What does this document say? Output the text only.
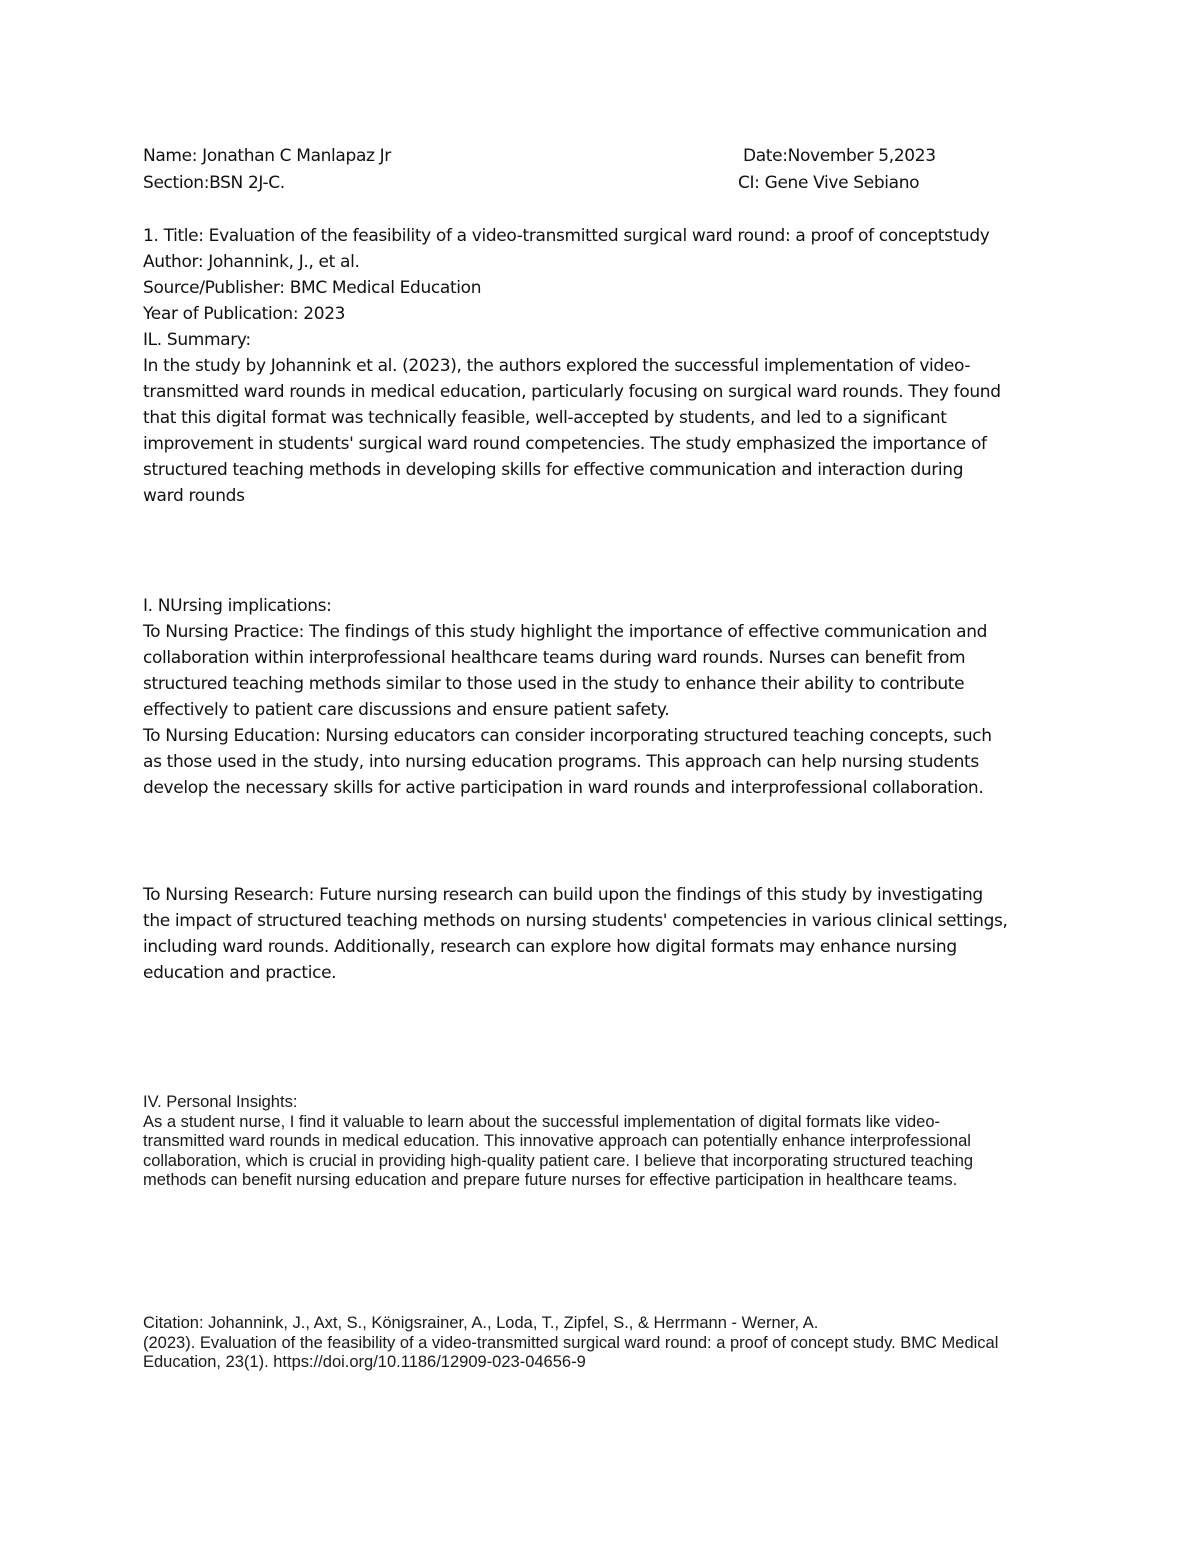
Name: Jonathan C Manlapaz Jr	Date:November 5,2023
Section:BSN 2J-C.	CI: Gene Vive Sebiano
1. Title: Evaluation of the feasibility of a video-transmitted surgical ward round: a proof of conceptstudy
Author: Johannink, J., et al.
Source/Publisher: BMC Medical Education
Year of Publication: 2023
IL. Summary:
In the study by Johannink et al. (2023), the authors explored the successful implementation of video-
transmitted ward rounds in medical education, particularly focusing on surgical ward rounds. They found
that this digital format was technically feasible, well-accepted by students, and led to a significant
improvement in students' surgical ward round competencies. The study emphasized the importance of
structured teaching methods in developing skills for effective communication and interaction during
ward rounds
I. NUrsing implications:
To Nursing Practice: The findings of this study highlight the importance of effective communication and
collaboration within interprofessional healthcare teams during ward rounds. Nurses can benefit from
structured teaching methods similar to those used in the study to enhance their ability to contribute
effectively to patient care discussions and ensure patient safety.
To Nursing Education: Nursing educators can consider incorporating structured teaching concepts, such
as those used in the study, into nursing education programs. This approach can help nursing students
develop the necessary skills for active participation in ward rounds and interprofessional collaboration.
To Nursing Research: Future nursing research can build upon the findings of this study by investigating
the impact of structured teaching methods on nursing students' competencies in various clinical settings,
including ward rounds. Additionally, research can explore how digital formats may enhance nursing
education and practice.
IV. Personal Insights:
As a student nurse, I find it valuable to learn about the successful implementation of digital formats like video-
transmitted ward rounds in medical education. This innovative approach can potentially enhance interprofessional
collaboration, which is crucial in providing high-quality patient care. I believe that incorporating structured teaching
methods can benefit nursing education and prepare future nurses for effective participation in healthcare teams.
Citation: Johannink, J., Axt, S., Königsrainer, A., Loda, T., Zipfel, S., & Herrmann - Werner, A.
(2023). Evaluation of the feasibility of a video-transmitted surgical ward round: a proof of concept study. BMC Medical
Education, 23(1). https://doi.org/10.1186/12909-023-04656-9
